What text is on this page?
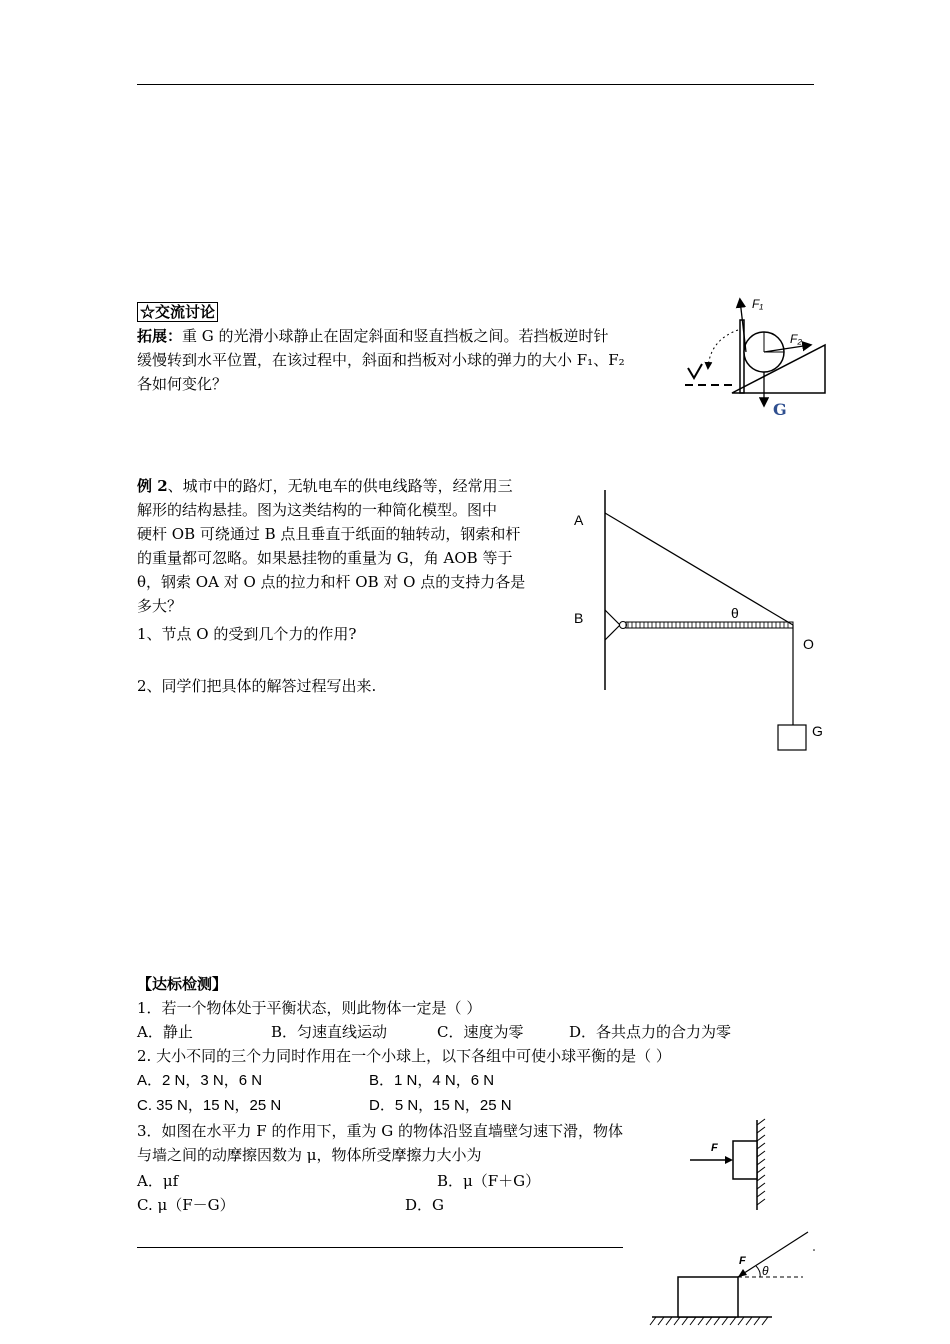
☆交流讨论
拓展：重 G 的光滑小球静止在固定斜面和竖直挡板之间。若挡板逆时针
缓慢转到水平位置，在该过程中，斜面和挡板对小球的弹力的大小 F₁、F₂
各如何变化？
F₁
F₂
G
例 2、城市中的路灯，无轨电车的供电线路等，经常用三
解形的结构悬挂。图为这类结构的一种简化模型。图中
硬杆 OB 可绕通过 B 点且垂直于纸面的轴转动，钢索和杆
的重量都可忽略。如果悬挂物的重量为 G，角 AOB 等于
θ，钢索 OA 对 O 点的拉力和杆 OB 对 O 点的支持力各是
多大？
1、节点 O 的受到几个力的作用?
2、同学们把具体的解答过程写出来.
A
B
O
G
θ
【达标检测】
1．若一个物体处于平衡状态，则此物体一定是（ ）
A．静止	B．匀速直线运动	C．速度为零	D．各共点力的合力为零
2. 大小不同的三个力同时作用在一个小球上，以下各组中可使小球平衡的是（ ）
A．2 N，3 N，6 N	B．1 N，4 N，6 N
C. 35 N，15 N，25 N	D．5 N，15 N，25 N
3．如图在水平力 F 的作用下，重为 G 的物体沿竖直墙壁匀速下滑，物体
与墙之间的动摩擦因数为 μ，物体所受摩擦力大小为
A．μf	B．μ（F＋G）
C. μ（F－G）	D．G
F
F
θ
